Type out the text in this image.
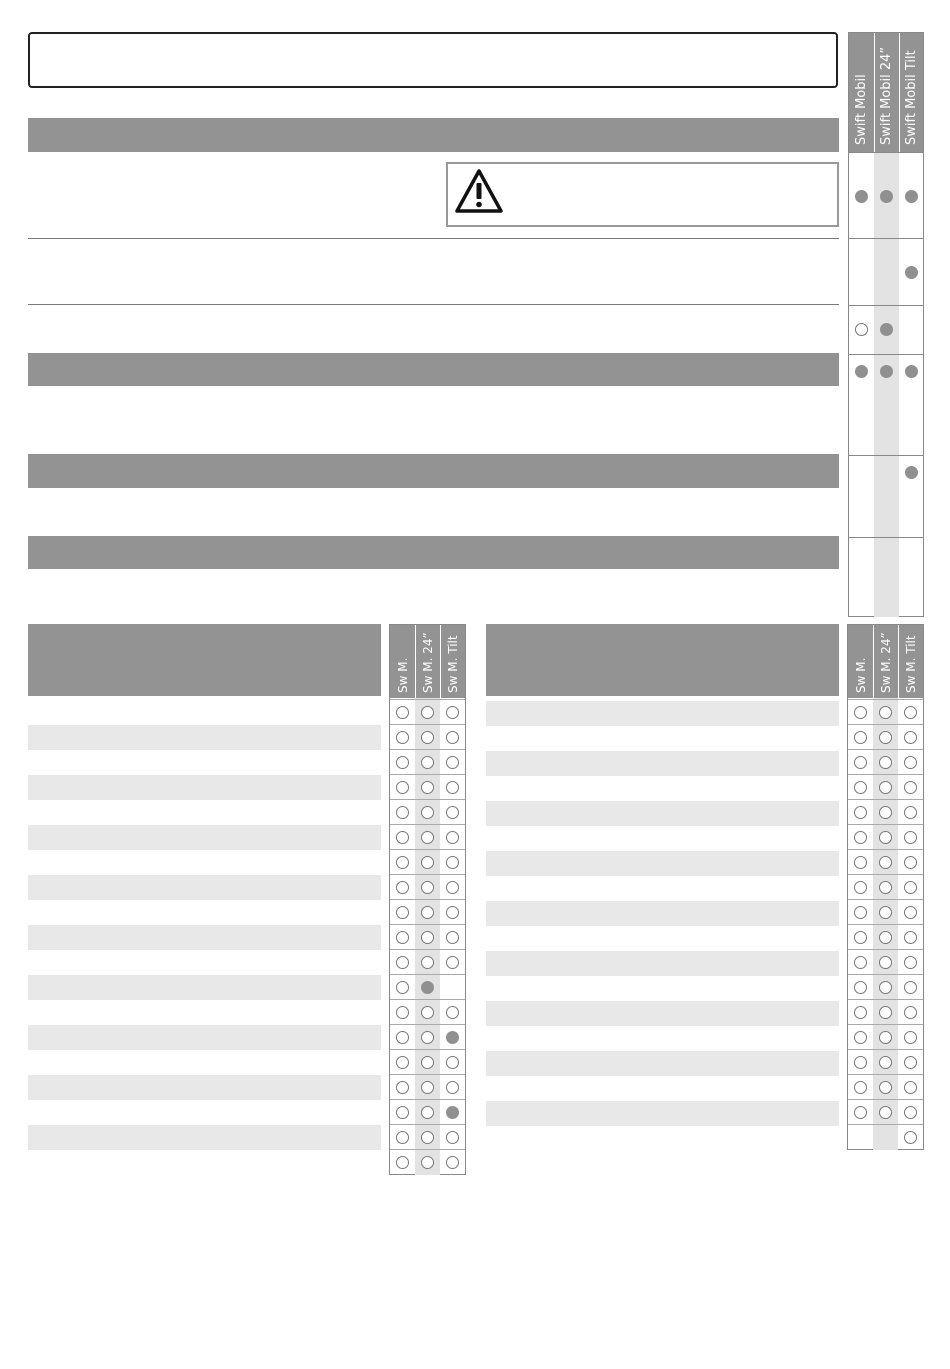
Swift Mobil Swift Mobil 24” Swift Mobil Tilt
Sw M. Sw M. 24” Sw M. Tilt	Sw M. Sw M. 24” Sw M. Tilt
